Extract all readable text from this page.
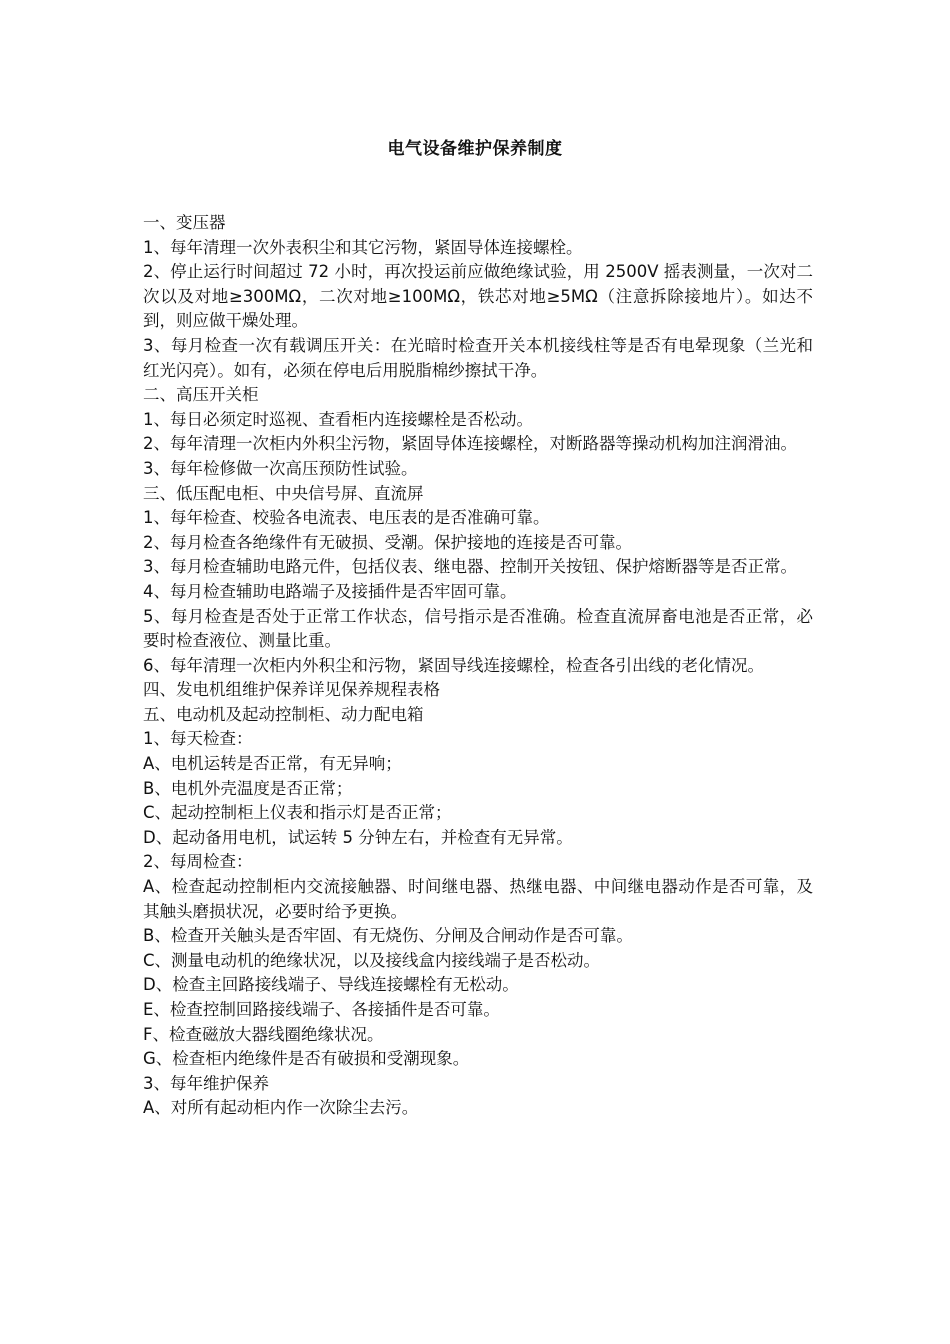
电气设备维护保养制度

一、变压器

1、每年清理一次外表积尘和其它污物，紧固导体连接螺栓。

2、停止运行时间超过 72 小时，再次投运前应做绝缘试验，用 2500V 摇表测量，一次对二次以及对地≥300MΩ，二次对地≥100MΩ，铁芯对地≥5MΩ（注意拆除接地片）。如达不到，则应做干燥处理。

3、每月检查一次有载调压开关：在光暗时检查开关本机接线柱等是否有电晕现象（兰光和红光闪亮）。如有，必须在停电后用脱脂棉纱擦拭干净。

二、高压开关柜

1、每日必须定时巡视、查看柜内连接螺栓是否松动。

2、每年清理一次柜内外积尘污物，紧固导体连接螺栓，对断路器等操动机构加注润滑油。

3、每年检修做一次高压预防性试验。

三、低压配电柜、中央信号屏、直流屏

1、每年检查、校验各电流表、电压表的是否准确可靠。

2、每月检查各绝缘件有无破损、受潮。保护接地的连接是否可靠。

3、每月检查辅助电路元件，包括仪表、继电器、控制开关按钮、保护熔断器等是否正常。

4、每月检查辅助电路端子及接插件是否牢固可靠。

5、每月检查是否处于正常工作状态，信号指示是否准确。检查直流屏畜电池是否正常，必要时检查液位、测量比重。

6、每年清理一次柜内外积尘和污物，紧固导线连接螺栓，检查各引出线的老化情况。

四、发电机组维护保养详见保养规程表格

五、电动机及起动控制柜、动力配电箱

1、每天检查：

A、电机运转是否正常，有无异响；

B、电机外壳温度是否正常；

C、起动控制柜上仪表和指示灯是否正常；

D、起动备用电机，试运转 5 分钟左右，并检查有无异常。

2、每周检查：

A、检查起动控制柜内交流接触器、时间继电器、热继电器、中间继电器动作是否可靠，及其触头磨损状况，必要时给予更换。

B、检查开关触头是否牢固、有无烧伤、分闸及合闸动作是否可靠。

C、测量电动机的绝缘状况，以及接线盒内接线端子是否松动。

D、检查主回路接线端子、导线连接螺栓有无松动。

E、检查控制回路接线端子、各接插件是否可靠。

F、检查磁放大器线圈绝缘状况。

G、检查柜内绝缘件是否有破损和受潮现象。

3、每年维护保养

A、对所有起动柜内作一次除尘去污。
